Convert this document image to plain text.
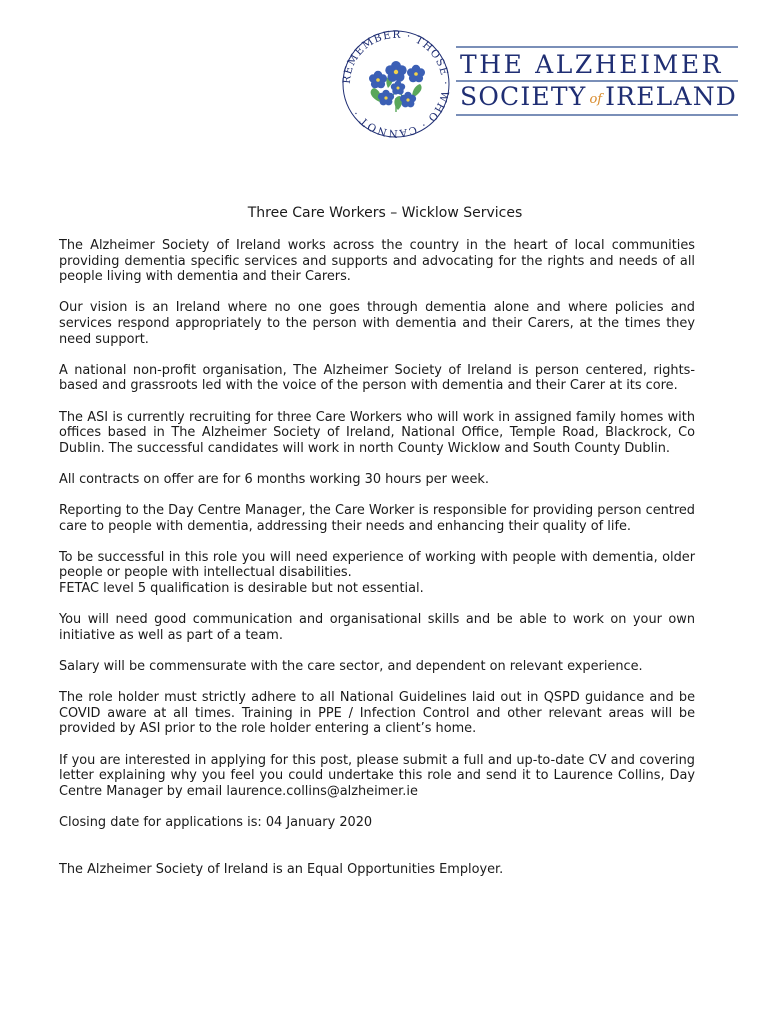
REMEMBER · THOSE · WHO · CANNOT ·
THE ALZHEIMER
SOCIETY of IRELAND
Three Care Workers – Wicklow Services

The Alzheimer Society of Ireland works across the country in the heart of local communities providing dementia specific services and supports and advocating for the rights and needs of all people living with dementia and their Carers.

Our vision is an Ireland where no one goes through dementia alone and where policies and services respond appropriately to the person with dementia and their Carers, at the times they need support.

A national non-profit organisation, The Alzheimer Society of Ireland is person centered, rights-based and grassroots led with the voice of the person with dementia and their Carer at its core.

The ASI is currently recruiting for three Care Workers who will work in assigned family homes with offices based in The Alzheimer Society of Ireland, National Office, Temple Road, Blackrock, Co Dublin. The successful candidates will work in north County Wicklow and South County Dublin.

All contracts on offer are for 6 months working 30 hours per week.

Reporting to the Day Centre Manager, the Care Worker is responsible for providing person centred care to people with dementia, addressing their needs and enhancing their quality of life.

To be successful in this role you will need experience of working with people with dementia, older people or people with intellectual disabilities.
FETAC level 5 qualification is desirable but not essential.

You will need good communication and organisational skills and be able to work on your own initiative as well as part of a team.

Salary will be commensurate with the care sector, and dependent on relevant experience.

The role holder must strictly adhere to all National Guidelines laid out in QSPD guidance and be COVID aware at all times. Training in PPE / Infection Control and other relevant areas will be provided by ASI prior to the role holder entering a client’s home.

If you are interested in applying for this post, please submit a full and up-to-date CV and covering letter explaining why you feel you could undertake this role and send it to Laurence Collins, Day Centre Manager by email laurence.collins@alzheimer.ie

Closing date for applications is: 04 January 2020

The Alzheimer Society of Ireland is an Equal Opportunities Employer.
